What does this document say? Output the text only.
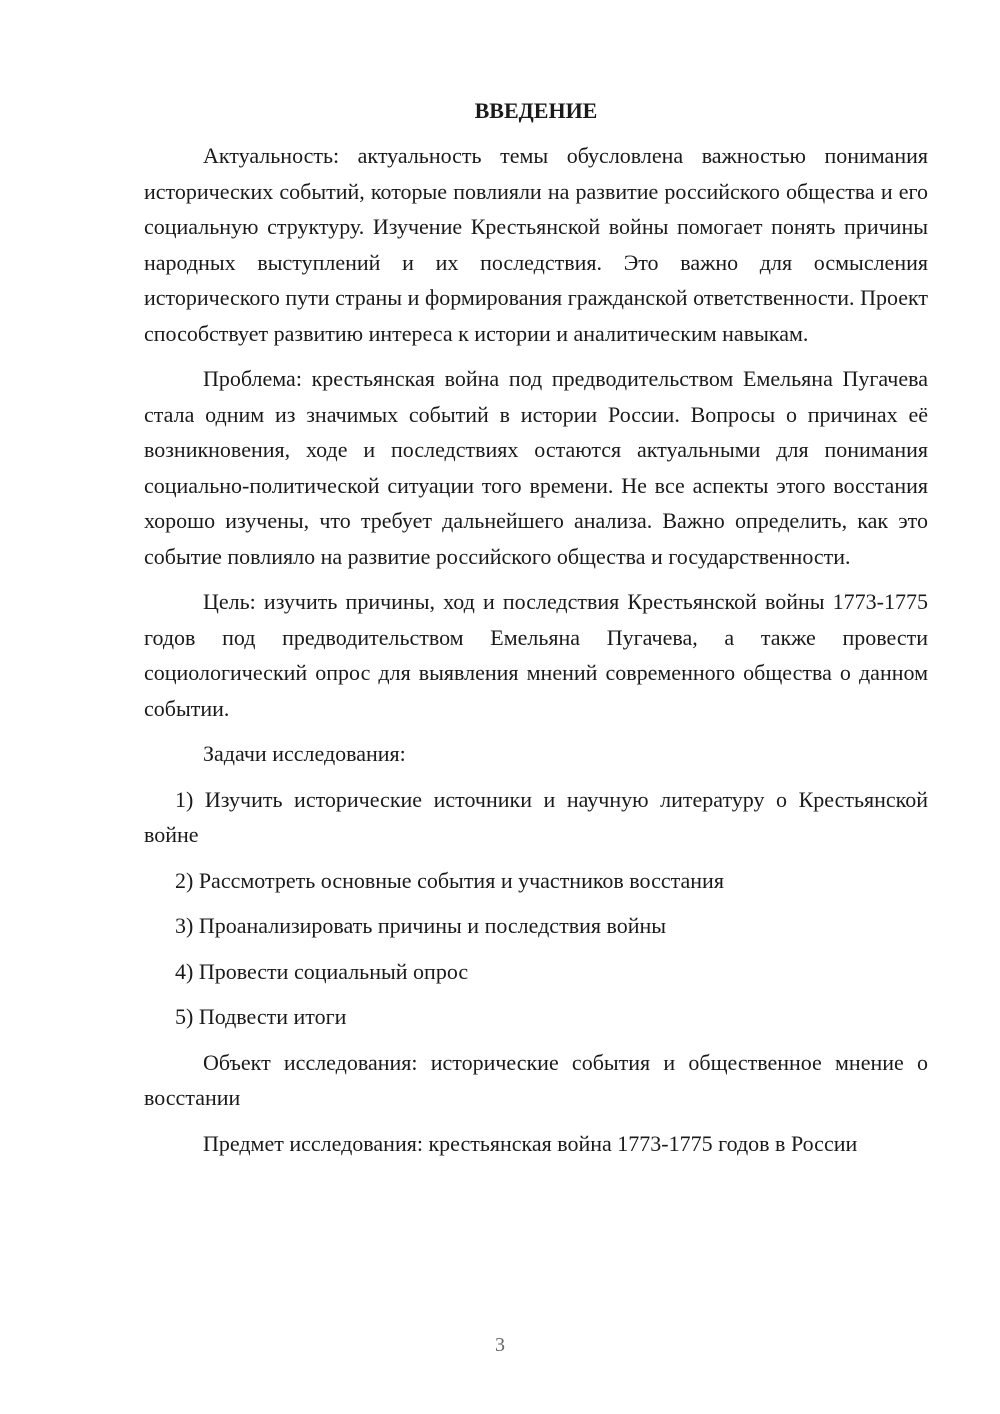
ВВЕДЕНИЕ

Актуальность: актуальность темы обусловлена важностью понимания исторических событий, которые повлияли на развитие российского общества и его социальную структуру. Изучение Крестьянской войны помогает понять причины народных выступлений и их последствия. Это важно для осмысления исторического пути страны и формирования гражданской ответственности. Проект способствует развитию интереса к истории и аналитическим навыкам.

Проблема: крестьянская война под предводительством Емельяна Пугачева стала одним из значимых событий в истории России. Вопросы о причинах её возникновения, ходе и последствиях остаются актуальными для понимания социально-политической ситуации того времени. Не все аспекты этого восстания хорошо изучены, что требует дальнейшего анализа. Важно определить, как это событие повлияло на развитие российского общества и государственности.

Цель: изучить причины, ход и последствия Крестьянской войны 1773-1775 годов под предводительством Емельяна Пугачева, а также провести социологический опрос для выявления мнений современного общества о данном событии.

Задачи исследования:

1) Изучить исторические источники и научную литературу о Крестьянской войне

2) Рассмотреть основные события и участников восстания

3) Проанализировать причины и последствия войны

4) Провести социальный опрос

5) Подвести итоги

Объект исследования: исторические события и общественное мнение о восстании

Предмет исследования: крестьянская война 1773-1775 годов в России

3
